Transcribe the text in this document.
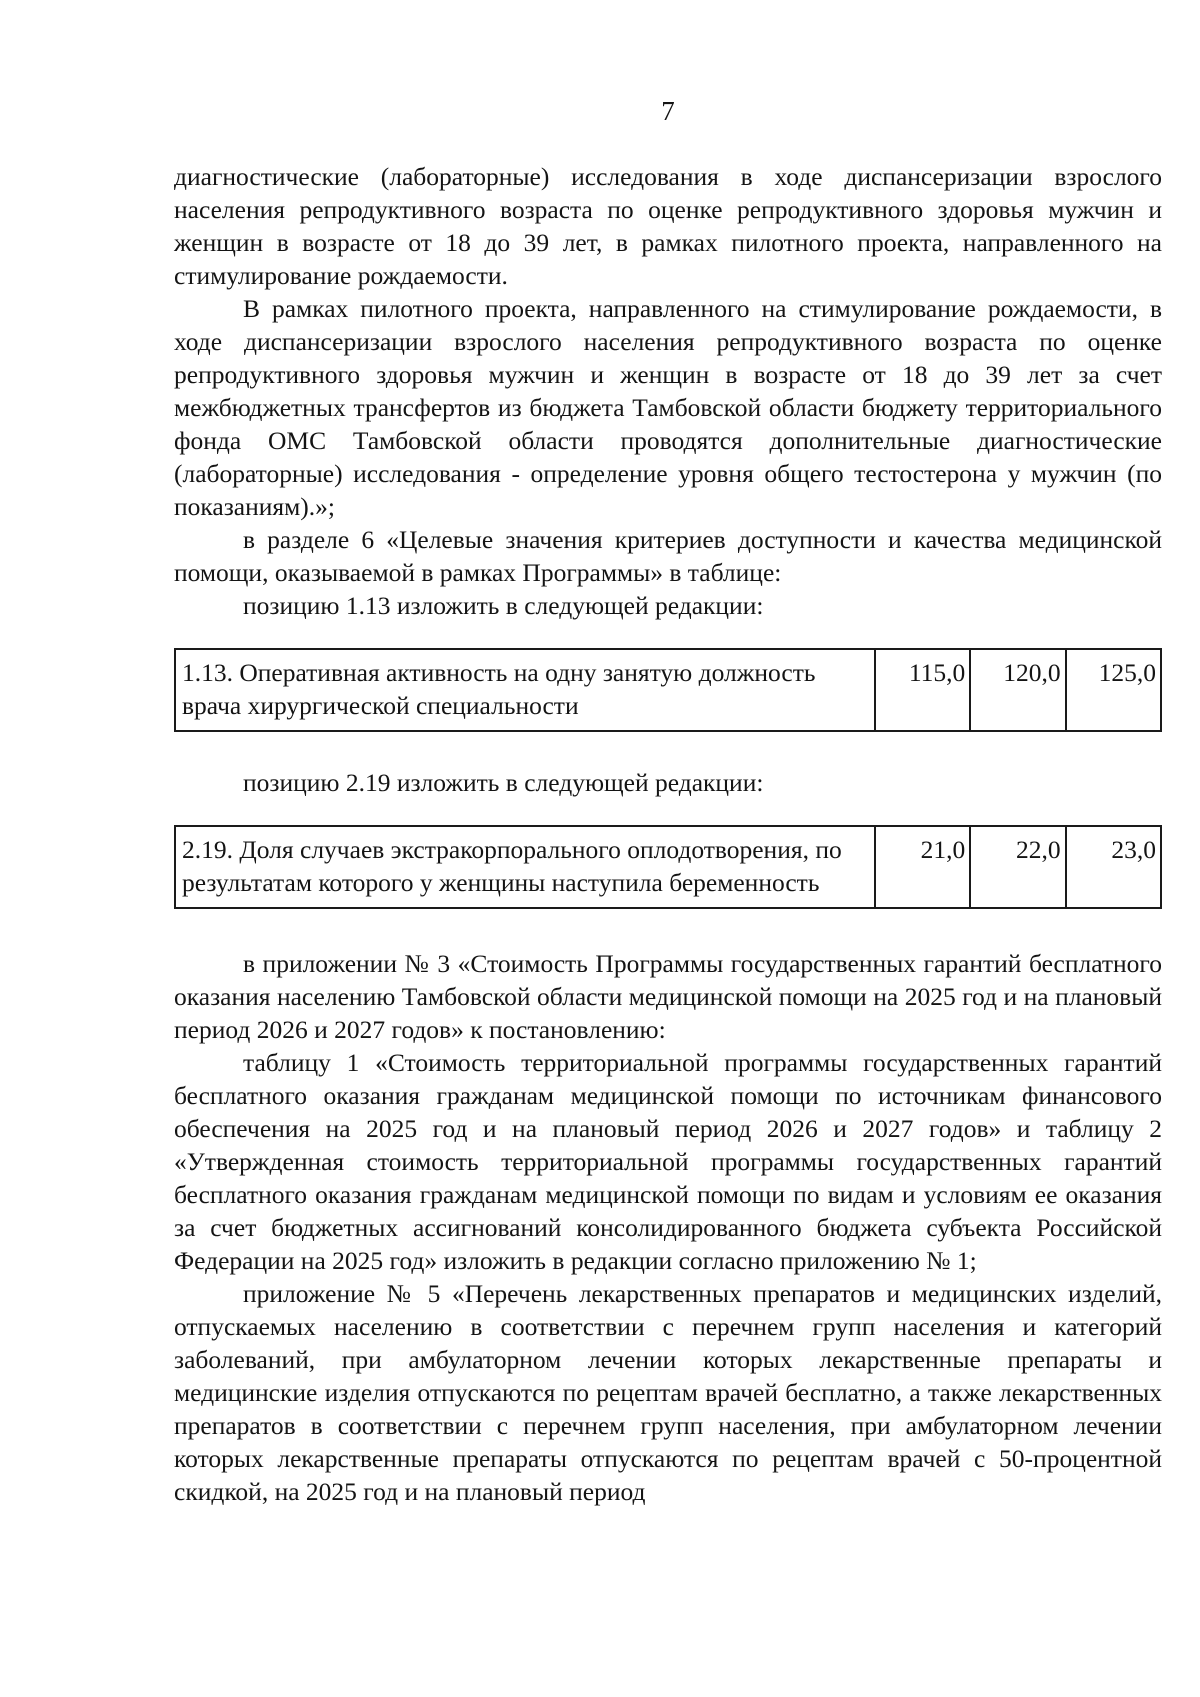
7

диагностические (лабораторные) исследования в ходе диспансеризации взрослого населения репродуктивного возраста по оценке репродуктивного здоровья мужчин и женщин в возрасте от 18 до 39 лет, в рамках пилотного проекта, направленного на стимулирование рождаемости.

В рамках пилотного проекта, направленного на стимулирование рождаемости, в ходе диспансеризации взрослого населения репродуктивного возраста по оценке репродуктивного здоровья мужчин и женщин в возрасте от 18 до 39 лет за счет межбюджетных трансфертов из бюджета Тамбовской области бюджету территориального фонда ОМС Тамбовской области проводятся дополнительные диагностические (лабораторные) исследования - определение уровня общего тестостерона у мужчин (по показаниям).»;

в разделе 6 «Целевые значения критериев доступности и качества медицинской помощи, оказываемой в рамках Программы» в таблице:

позицию 1.13 изложить в следующей редакции:

1.13. Оперативная активность на одну занятую должность врача хирургической специальности	115,0	120,0	125,0

позицию 2.19 изложить в следующей редакции:

2.19. Доля случаев экстракорпорального оплодотворения, по результатам которого у женщины наступила беременность	21,0	22,0	23,0

в приложении № 3 «Стоимость Программы государственных гарантий бесплатного оказания населению Тамбовской области медицинской помощи на 2025 год и на плановый период 2026 и 2027 годов» к постановлению:

таблицу 1 «Стоимость территориальной программы государственных гарантий бесплатного оказания гражданам медицинской помощи по источникам финансового обеспечения на 2025 год и на плановый период 2026 и 2027 годов» и таблицу 2 «Утвержденная стоимость территориальной программы государственных гарантий бесплатного оказания гражданам медицинской помощи по видам и условиям ее оказания за счет бюджетных ассигнований консолидированного бюджета субъекта Российской Федерации на 2025 год» изложить в редакции согласно приложению № 1;

приложение № 5 «Перечень лекарственных препаратов и медицинских изделий, отпускаемых населению в соответствии с перечнем групп населения и категорий заболеваний, при амбулаторном лечении которых лекарственные препараты и медицинские изделия отпускаются по рецептам врачей бесплатно, а также лекарственных препаратов в соответствии с перечнем групп населения, при амбулаторном лечении которых лекарственные препараты отпускаются по рецептам врачей с 50-процентной скидкой, на 2025 год и на плановый период
